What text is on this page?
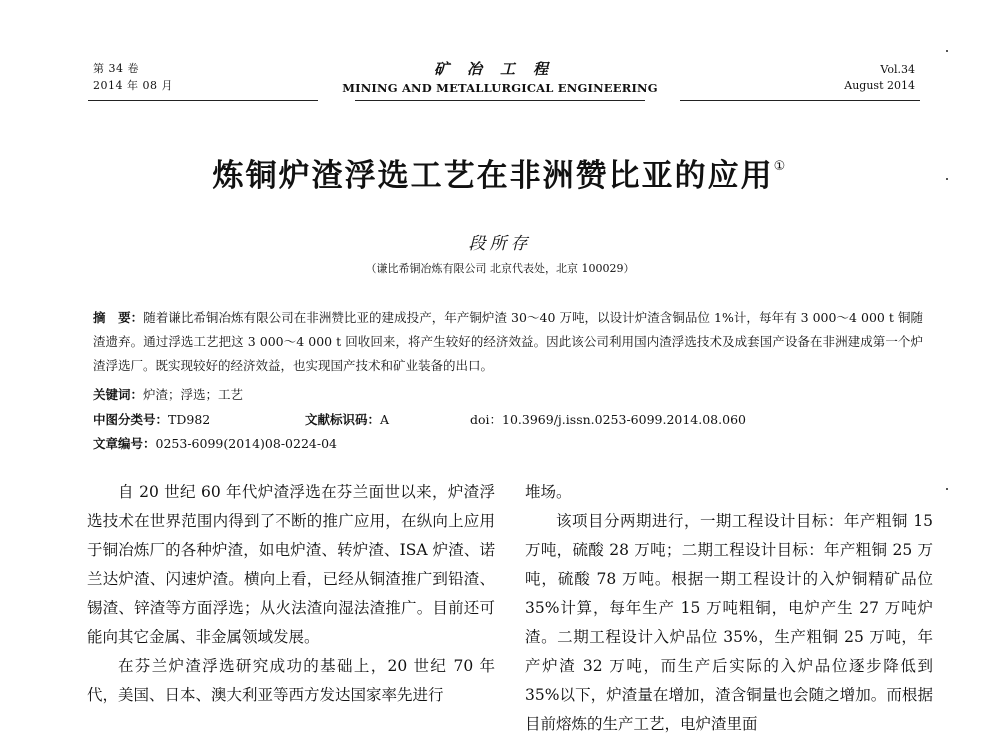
第 34 卷
2014 年 08 月
矿冶工程
MINING AND METALLURGICAL ENGINEERING
Vol.34
August 2014
炼铜炉渣浮选工艺在非洲赞比亚的应用①
段所存
（谦比希铜冶炼有限公司 北京代表处，北京 100029）
摘　要：随着谦比希铜冶炼有限公司在非洲赞比亚的建成投产，年产铜炉渣 30～40 万吨，以设计炉渣含铜品位 1%计，每年有 3 000～4 000 t 铜随渣遗弃。通过浮选工艺把这 3 000～4 000 t 回收回来，将产生较好的经济效益。因此该公司利用国内渣浮选技术及成套国产设备在非洲建成第一个炉渣浮选厂。既实现较好的经济效益，也实现国产技术和矿业装备的出口。
关键词：炉渣；浮选；工艺
中图分类号：TD982	文献标识码：A	doi：10.3969/j.issn.0253-6099.2014.08.060
文章编号：0253-6099(2014)08-0224-04

自 20 世纪 60 年代炉渣浮选在芬兰面世以来，炉渣浮选技术在世界范围内得到了不断的推广应用，在纵向上应用于铜冶炼厂的各种炉渣，如电炉渣、转炉渣、ISA 炉渣、诺兰达炉渣、闪速炉渣。横向上看，已经从铜渣推广到铅渣、锡渣、锌渣等方面浮选；从火法渣向湿法渣推广。目前还可能向其它金属、非金属领域发展。

在芬兰炉渣浮选研究成功的基础上，20 世纪 70 年代，美国、日本、澳大利亚等西方发达国家率先进行

堆场。

该项目分两期进行，一期工程设计目标：年产粗铜 15 万吨，硫酸 28 万吨；二期工程设计目标：年产粗铜 25 万吨，硫酸 78 万吨。根据一期工程设计的入炉铜精矿品位 35%计算，每年生产 15 万吨粗铜，电炉产生 27 万吨炉渣。二期工程设计入炉品位 35%，生产粗铜 25 万吨，年产炉渣 32 万吨，而生产后实际的入炉品位逐步降低到 35%以下，炉渣量在增加，渣含铜量也会随之增加。而根据目前熔炼的生产工艺，电炉渣里面
